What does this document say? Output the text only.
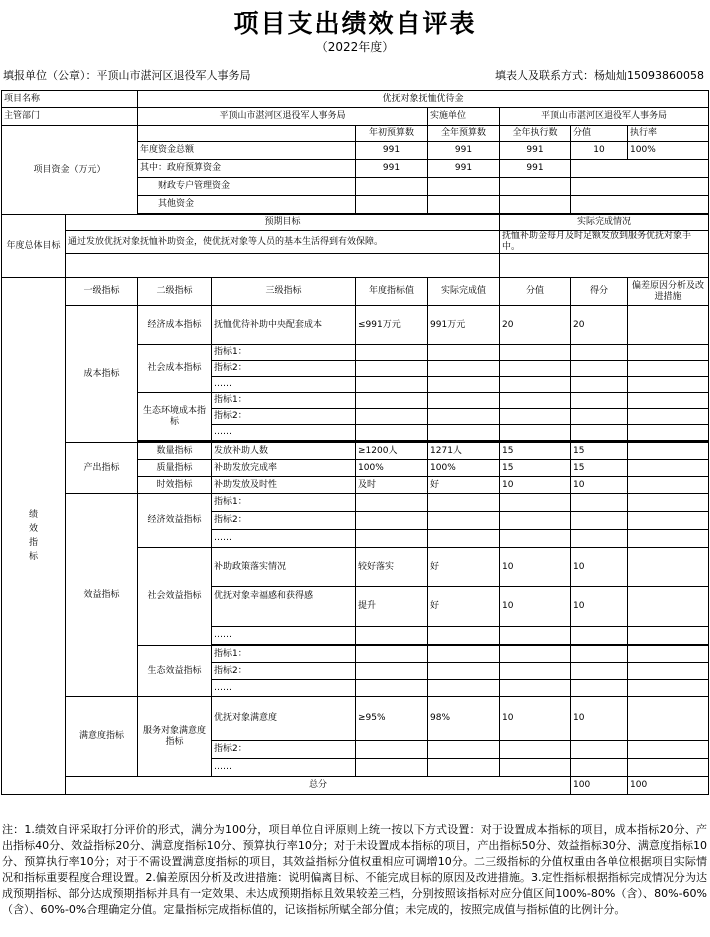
项目支出绩效自评表
（2022年度）
填报单位（公章）：平顶山市湛河区退役军人事务局	填表人及联系方式：杨灿灿15093860058
项目名称		优抚对象抚恤优待金							
主管部门		平顶山市湛河区退役军人事务局			实施单位	平顶山市湛河区退役军人事务局			
项目资金（万元）				年初预算数	全年预算数	全年执行数	分值	执行率	
		年度资金总额		991	991	991	10	100%	
		其中：政府预算资金		991	991	991			
		财政专户管理资金							
		其他资金							

年度总体目标	预期目标					实际完成情况			
	通过发放优抚对象抚恤补助资金，使优抚对象等人员的基本生活得到有效保障。					抚恤补助金每月及时足额发放到服务优抚对象手中。			

绩效指标	一级指标	二级指标	三级指标	年度指标值	实际完成值	分值	得分	偏差原因分析及改进措施	
	成本指标	经济成本指标	抚恤优待补助中央配套成本	≤991万元	991万元	20	20		
		社会成本指标	指标1：						
			指标2：						
			……						
		生态环境成本指标	指标1：						
			指标2：						
			……						

	产出指标	数量指标	发放补助人数	≥1200人	1271人	15	15		
		质量指标	补助发放完成率	100%	100%	15	15		
		时效指标	补助发放及时性	及时	好	10	10		
	效益指标	经济效益指标	指标1：						
			指标2：						
			……						
		社会效益指标	补助政策落实情况	较好落实	好	10	10		
			优抚对象幸福感和获得感	提升	好	10	10		
			……						

		生态效益指标	指标1：						
			指标2：						
			……						
	满意度指标	服务对象满意度指标	优抚对象满意度	≥95%	98%	10	10		
			指标2：						
			……						
	总分						100	100	
注：1.绩效自评采取打分评价的形式，满分为100分，项目单位自评原则上统一按以下方式设置：对于设置成本指标的项目，成本指标20分、产出指标40分、效益指标20分、满意度指标10分、预算执行率10分；对于未设置成本指标的项目，产出指标50分、效益指标30分、满意度指标10分、预算执行率10分；对于不需设置满意度指标的项目，其效益指标分值权重相应可调增10分。二三级指标的分值权重由各单位根据项目实际情况和指标重要程度合理设置。2.偏差原因分析及改进措施：说明偏离目标、不能完成目标的原因及改进措施。3.定性指标根据指标完成情况分为达成预期指标、部分达成预期指标并具有一定效果、未达成预期指标且效果较差三档，分别按照该指标对应分值区间100%-80%（含）、80%-60%（含）、60%-0%合理确定分值。定量指标完成指标值的，记该指标所赋全部分值；未完成的，按照完成值与指标值的比例计分。
